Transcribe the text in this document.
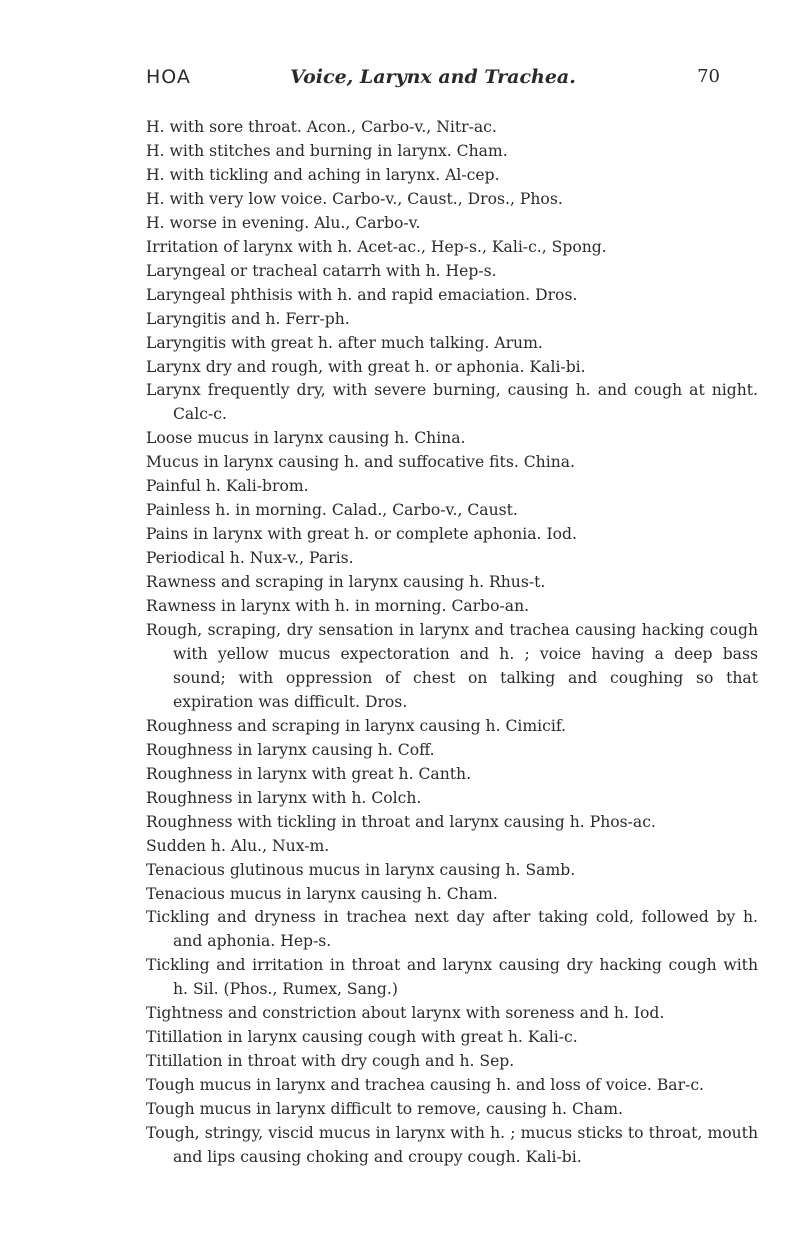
HOA	Voice, Larynx and Trachea.	70
H. with sore throat. Acon., Carbo-v., Nitr-ac.
H. with stitches and burning in larynx. Cham.
H. with tickling and aching in larynx. Al-cep.
H. with very low voice. Carbo-v., Caust., Dros., Phos.
H. worse in evening. Alu., Carbo-v.
Irritation of larynx with h. Acet-ac., Hep-s., Kali-c., Spong.
Laryngeal or tracheal catarrh with h. Hep-s.
Laryngeal phthisis with h. and rapid emaciation. Dros.
Laryngitis and h. Ferr-ph.
Laryngitis with great h. after much talking. Arum.
Larynx dry and rough, with great h. or aphonia. Kali-bi.
Larynx frequently dry, with severe burning, causing h. and cough at night. Calc-c.
Loose mucus in larynx causing h. China.
Mucus in larynx causing h. and suffocative fits. China.
Painful h. Kali-brom.
Painless h. in morning. Calad., Carbo-v., Caust.
Pains in larynx with great h. or complete aphonia. Iod.
Periodical h. Nux-v., Paris.
Rawness and scraping in larynx causing h. Rhus-t.
Rawness in larynx with h. in morning. Carbo-an.
Rough, scraping, dry sensation in larynx and trachea causing hacking cough with yellow mucus expectoration and h. ; voice having a deep bass sound; with oppression of chest on talking and coughing so that expiration was difficult. Dros.
Roughness and scraping in larynx causing h. Cimicif.
Roughness in larynx causing h. Coff.
Roughness in larynx with great h. Canth.
Roughness in larynx with h. Colch.
Roughness with tickling in throat and larynx causing h. Phos-ac.
Sudden h. Alu., Nux-m.
Tenacious glutinous mucus in larynx causing h. Samb.
Tenacious mucus in larynx causing h. Cham.
Tickling and dryness in trachea next day after taking cold, followed by h. and aphonia. Hep-s.
Tickling and irritation in throat and larynx causing dry hacking cough with h. Sil. (Phos., Rumex, Sang.)
Tightness and constriction about larynx with soreness and h. Iod.
Titillation in larynx causing cough with great h. Kali-c.
Titillation in throat with dry cough and h. Sep.
Tough mucus in larynx and trachea causing h. and loss of voice. Bar-c.
Tough mucus in larynx difficult to remove, causing h. Cham.
Tough, stringy, viscid mucus in larynx with h. ; mucus sticks to throat, mouth and lips causing choking and croupy cough. Kali-bi.
